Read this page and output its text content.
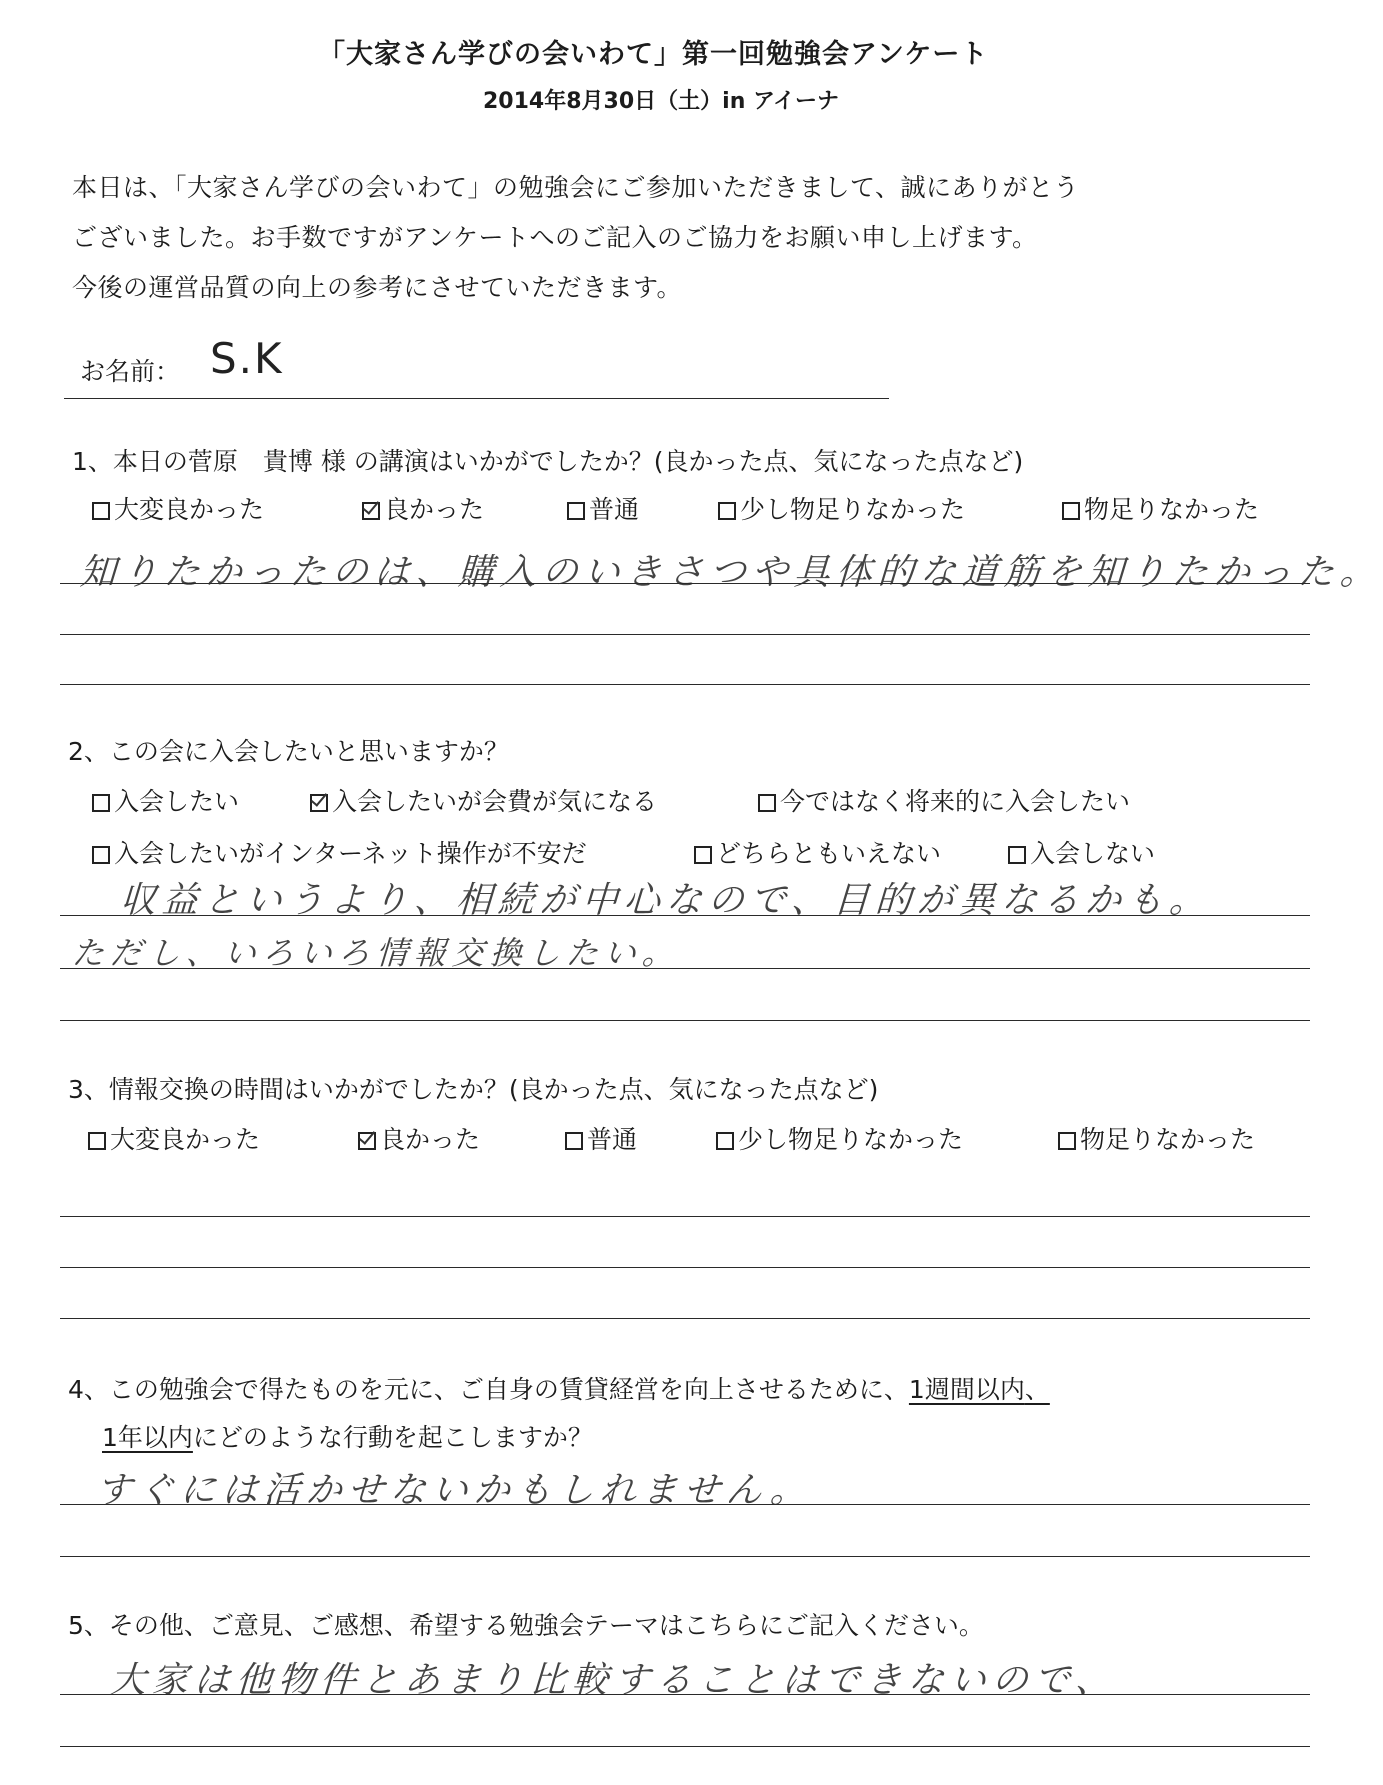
「大家さん学びの会いわて」第一回勉強会アンケート
2014年8月30日（土）in アイーナ
本日は、「大家さん学びの会いわて」の勉強会にご参加いただきまして、誠にありがとう
ございました。お手数ですがアンケートへのご記入のご協力をお願い申し上げます。
今後の運営品質の向上の参考にさせていただきます。
お名前： S.K
1、本日の菅原　貴博 様 の講演はいかがでしたか？(良かった点、気になった点など)
大変良かった	良かった	普通	少し物足りなかった	物足りなかった
知りたかったのは、購入のいきさつや具体的な道筋を知りたかった。
2、この会に入会したいと思いますか？
入会したい	入会したいが会費が気になる	今ではなく将来的に入会したい
入会したいがインターネット操作が不安だ	どちらともいえない	入会しない
収益というより、相続が中心なので、目的が異なるかも。
ただし、いろいろ情報交換したい。
3、情報交換の時間はいかがでしたか？(良かった点、気になった点など)
大変良かった	良かった	普通	少し物足りなかった	物足りなかった
4、この勉強会で得たものを元に、ご自身の賃貸経営を向上させるために、1週間以内、
1年以内にどのような行動を起こしますか？
すぐには活かせないかもしれません。
5、その他、ご意見、ご感想、希望する勉強会テーマはこちらにご記入ください。
大家は他物件とあまり比較することはできないので、
